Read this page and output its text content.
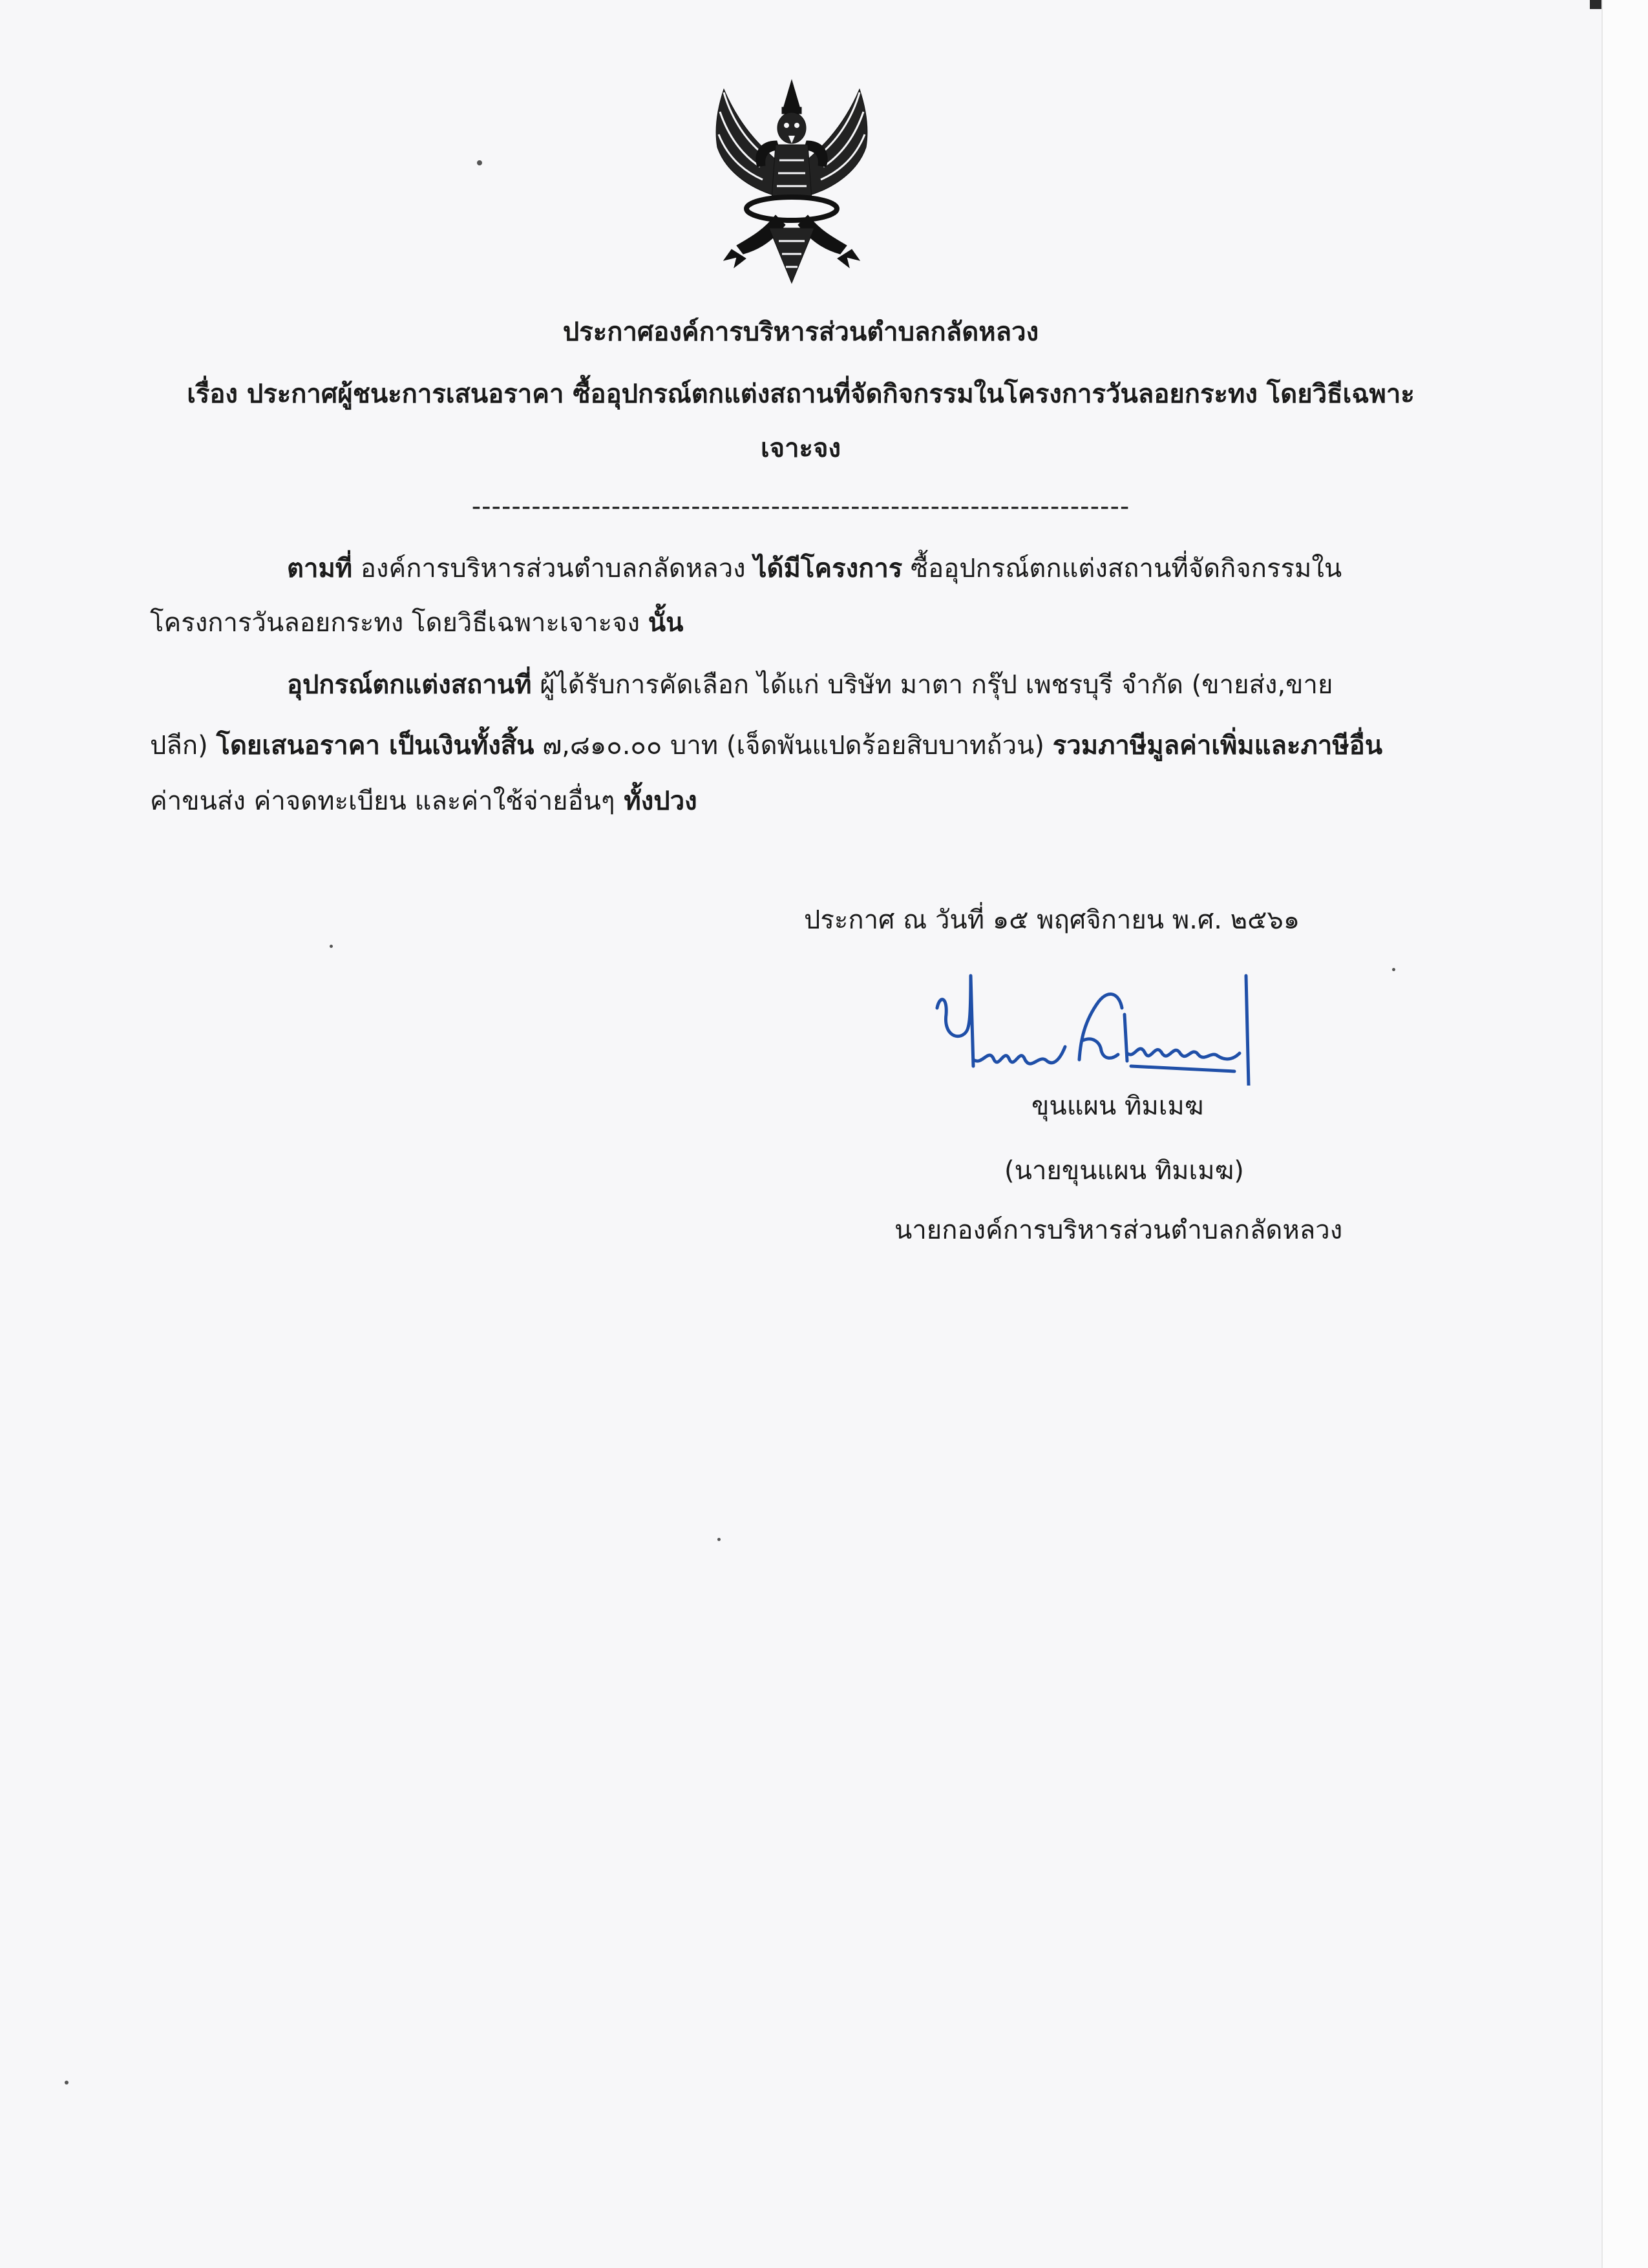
ประกาศองค์การบริหารส่วนตำบลกลัดหลวง
เรื่อง ประกาศผู้ชนะการเสนอราคา ซื้ออุปกรณ์ตกแต่งสถานที่จัดกิจกรรมในโครงการวันลอยกระทง โดยวิธีเฉพาะ
เจาะจง
------------------------------------------------------------------
ตามที่ องค์การบริหารส่วนตำบลกลัดหลวง ได้มีโครงการ ซื้ออุปกรณ์ตกแต่งสถานที่จัดกิจกรรมใน
โครงการวันลอยกระทง โดยวิธีเฉพาะเจาะจง นั้น
อุปกรณ์ตกแต่งสถานที่ ผู้ได้รับการคัดเลือก ได้แก่ บริษัท มาตา กรุ๊ป เพชรบุรี จำกัด (ขายส่ง,ขาย
ปลีก) โดยเสนอราคา เป็นเงินทั้งสิ้น ๗,๘๑๐.๐๐ บาท (เจ็ดพันแปดร้อยสิบบาทถ้วน) รวมภาษีมูลค่าเพิ่มและภาษีอื่น
ค่าขนส่ง ค่าจดทะเบียน และค่าใช้จ่ายอื่นๆ ทั้งปวง
ประกาศ ณ วันที่ ๑๕ พฤศจิกายน พ.ศ. ๒๕๖๑
ขุนแผน ทิมเมฆ
(นายขุนแผน ทิมเมฆ)
นายกองค์การบริหารส่วนตำบลกลัดหลวง
